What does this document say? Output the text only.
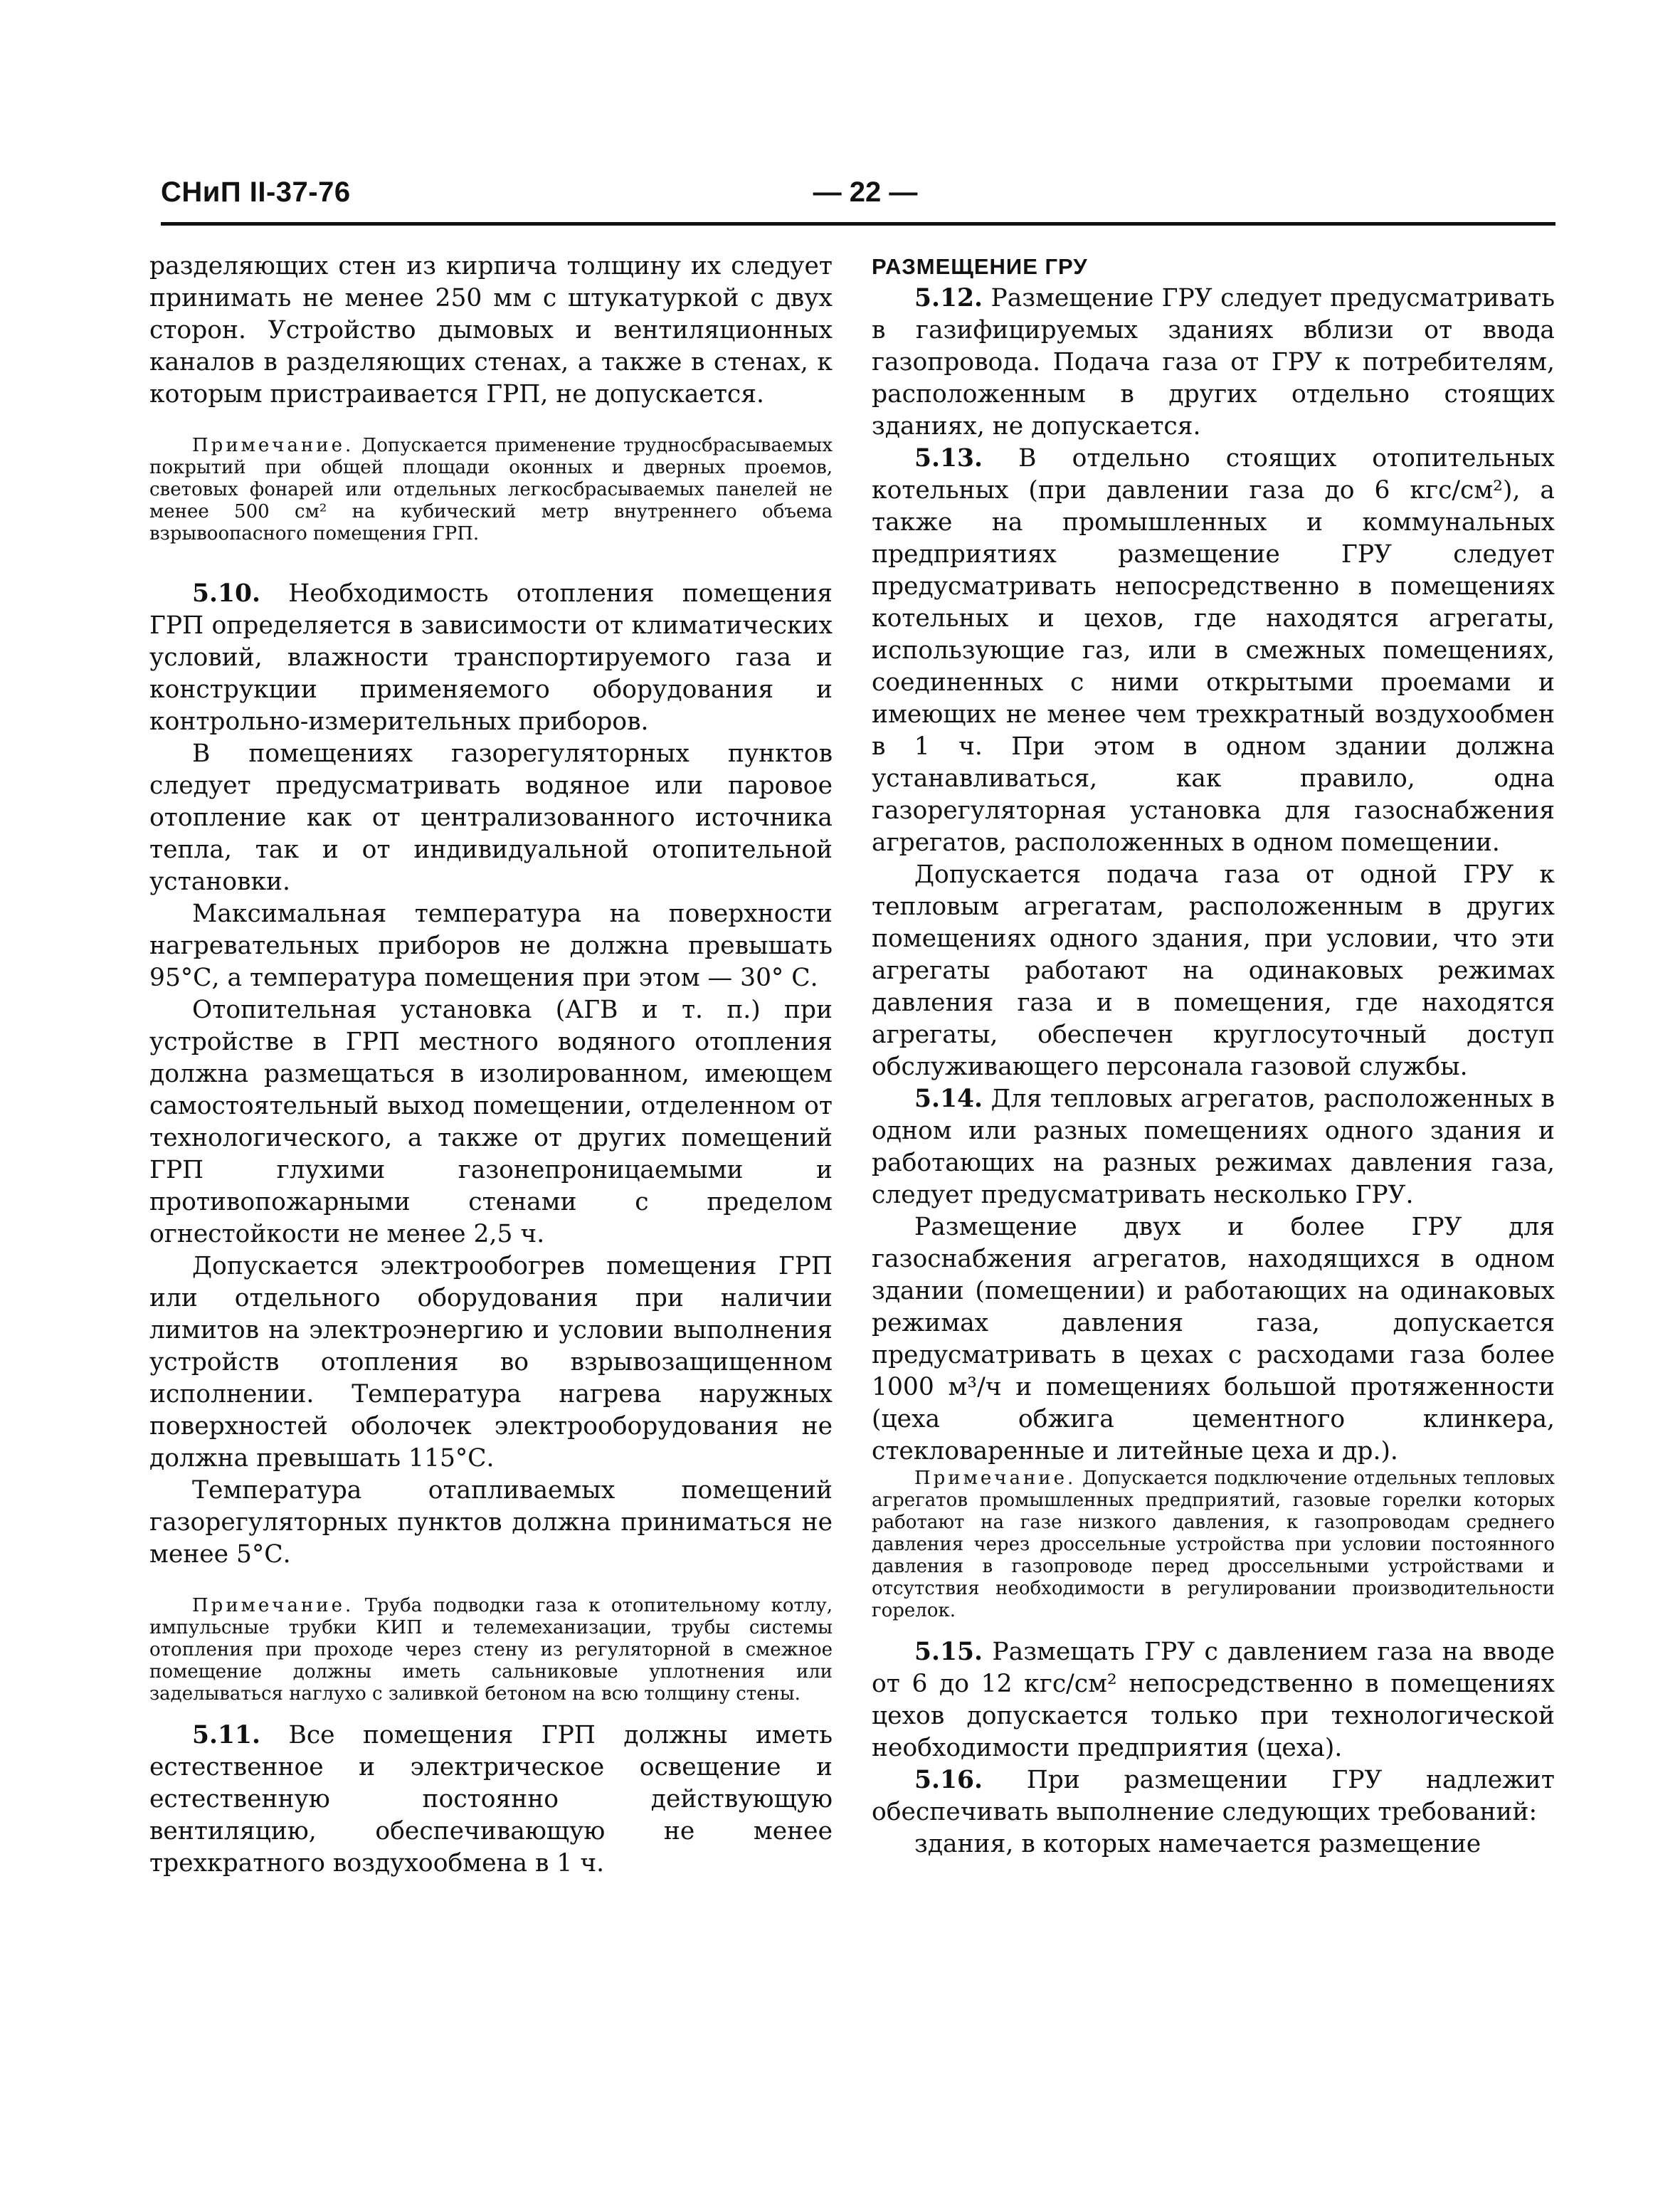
СНиП II-37-76	— 22 —

разделяющих стен из кирпича толщину их следует принимать не менее 250 мм с штукатуркой с двух сторон. Устройство дымовых и вентиляционных каналов в разделяющих стенах, а также в стенах, к которым пристраивается ГРП, не допускается.

Примечание. Допускается применение трудносбрасываемых покрытий при общей площади оконных и дверных проемов, световых фонарей или отдельных легкосбрасываемых панелей не менее 500 см² на кубический метр внутреннего объема взрывоопасного помещения ГРП.

5.10. Необходимость отопления помещения ГРП определяется в зависимости от климатических условий, влажности транспортируемого газа и конструкции применяемого оборудования и контрольно-измерительных приборов.

В помещениях газорегуляторных пунктов следует предусматривать водяное или паровое отопление как от централизованного источника тепла, так и от индивидуальной отопительной установки.

Максимальная температура на поверхности нагревательных приборов не должна превышать 95°С, а температура помещения при этом — 30° С.

Отопительная установка (АГВ и т. п.) при устройстве в ГРП местного водяного отопления должна размещаться в изолированном, имеющем самостоятельный выход помещении, отделенном от технологического, а также от других помещений ГРП глухими газонепроницаемыми и противопожарными стенами с пределом огнестойкости не менее 2,5 ч.

Допускается электрообогрев помещения ГРП или отдельного оборудования при наличии лимитов на электроэнергию и условии выполнения устройств отопления во взрывозащищенном исполнении. Температура нагрева наружных поверхностей оболочек электрооборудования не должна превышать 115°С.

Температура отапливаемых помещений газорегуляторных пунктов должна приниматься не менее 5°С.

Примечание. Труба подводки газа к отопительному котлу, импульсные трубки КИП и телемеханизации, трубы системы отопления при проходе через стену из регуляторной в смежное помещение должны иметь сальниковые уплотнения или заделываться наглухо с заливкой бетоном на всю толщину стены.

5.11. Все помещения ГРП должны иметь естественное и электрическое освещение и естественную постоянно действующую вентиляцию, обеспечивающую не менее трехкратного воздухообмена в 1 ч.

РАЗМЕЩЕНИЕ ГРУ

5.12. Размещение ГРУ следует предусматривать в газифицируемых зданиях вблизи от ввода газопровода. Подача газа от ГРУ к потребителям, расположенным в других отдельно стоящих зданиях, не допускается.

5.13. В отдельно стоящих отопительных котельных (при давлении газа до 6 кгс/см²), а также на промышленных и коммунальных предприятиях размещение ГРУ следует предусматривать непосредственно в помещениях котельных и цехов, где находятся агрегаты, использующие газ, или в смежных помещениях, соединенных с ними открытыми проемами и имеющих не менее чем трехкратный воздухообмен в 1 ч. При этом в одном здании должна устанавливаться, как правило, одна газорегуляторная установка для газоснабжения агрегатов, расположенных в одном помещении.

Допускается подача газа от одной ГРУ к тепловым агрегатам, расположенным в других помещениях одного здания, при условии, что эти агрегаты работают на одинаковых режимах давления газа и в помещения, где находятся агрегаты, обеспечен круглосуточный доступ обслуживающего персонала газовой службы.

5.14. Для тепловых агрегатов, расположенных в одном или разных помещениях одного здания и работающих на разных режимах давления газа, следует предусматривать несколько ГРУ.

Размещение двух и более ГРУ для газоснабжения агрегатов, находящихся в одном здании (помещении) и работающих на одинаковых режимах давления газа, допускается предусматривать в цехах с расходами газа более 1000 м³/ч и помещениях большой протяженности (цеха обжига цементного клинкера, стекловаренные и литейные цеха и др.).

Примечание. Допускается подключение отдельных тепловых агрегатов промышленных предприятий, газовые горелки которых работают на газе низкого давления, к газопроводам среднего давления через дроссельные устройства при условии постоянного давления в газопроводе перед дроссельными устройствами и отсутствия необходимости в регулировании производительности горелок.

5.15. Размещать ГРУ с давлением газа на вводе от 6 до 12 кгс/см² непосредственно в помещениях цехов допускается только при технологической необходимости предприятия (цеха).

5.16. При размещении ГРУ надлежит обеспечивать выполнение следующих требований:

здания, в которых намечается размещение
